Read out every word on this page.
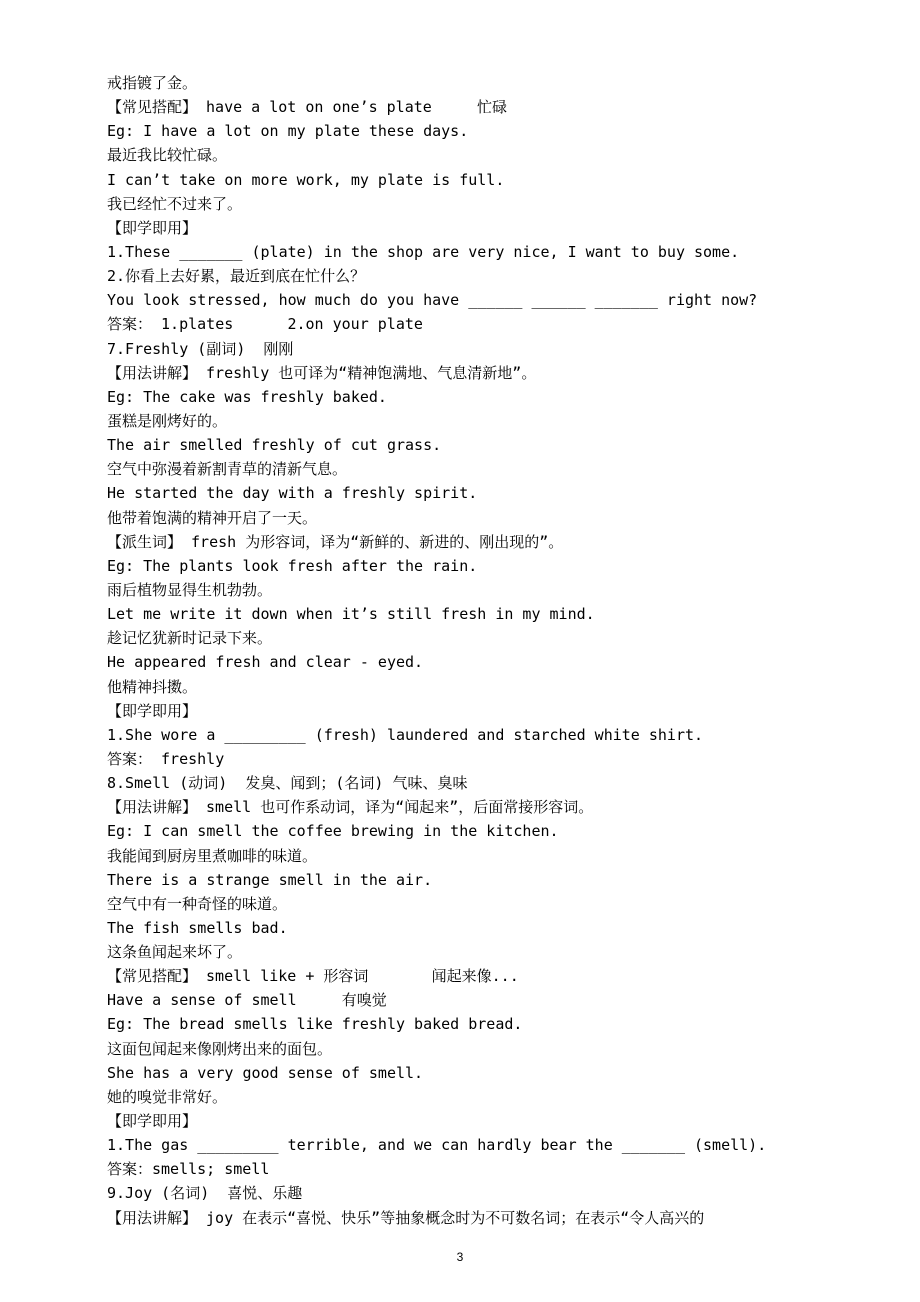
戒指镀了金。
【常见搭配】 have a lot on one’s plate     忙碌
Eg: I have a lot on my plate these days.
最近我比较忙碌。
I can’t take on more work, my plate is full.
我已经忙不过来了。
【即学即用】
1.These _______ (plate) in the shop are very nice, I want to buy some.
2.你看上去好累，最近到底在忙什么？
You look stressed, how much do you have ______ ______ _______ right now?
答案： 1.plates      2.on your plate
7.Freshly (副词)  刚刚
【用法讲解】 freshly 也可译为“精神饱满地、气息清新地”。
Eg: The cake was freshly baked.
蛋糕是刚烤好的。
The air smelled freshly of cut grass.
空气中弥漫着新割青草的清新气息。
He started the day with a freshly spirit.
他带着饱满的精神开启了一天。
【派生词】 fresh 为形容词，译为“新鲜的、新进的、刚出现的”。
Eg: The plants look fresh after the rain.
雨后植物显得生机勃勃。
Let me write it down when it’s still fresh in my mind.
趁记忆犹新时记录下来。
He appeared fresh and clear - eyed.
他精神抖擞。
【即学即用】
1.She wore a _________ (fresh) laundered and starched white shirt.
答案： freshly
8.Smell (动词)  发臭、闻到；(名词) 气味、臭味
【用法讲解】 smell 也可作系动词，译为“闻起来”，后面常接形容词。
Eg: I can smell the coffee brewing in the kitchen.
我能闻到厨房里煮咖啡的味道。
There is a strange smell in the air.
空气中有一种奇怪的味道。
The fish smells bad.
这条鱼闻起来坏了。
【常见搭配】 smell like + 形容词       闻起来像...
Have a sense of smell     有嗅觉
Eg: The bread smells like freshly baked bread.
这面包闻起来像刚烤出来的面包。
She has a very good sense of smell.
她的嗅觉非常好。
【即学即用】
1.The gas _________ terrible, and we can hardly bear the _______ (smell).
答案：smells; smell
9.Joy (名词)  喜悦、乐趣
【用法讲解】 joy 在表示“喜悦、快乐”等抽象概念时为不可数名词；在表示“令人高兴的
3
